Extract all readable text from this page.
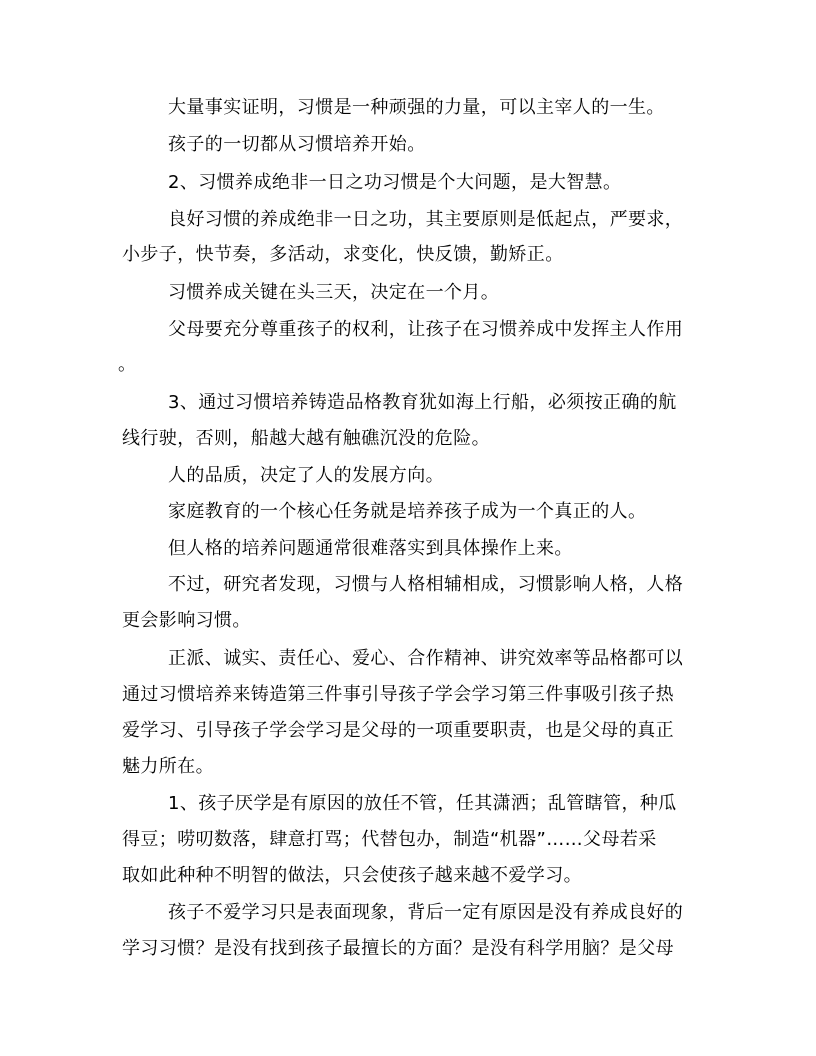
大量事实证明，习惯是一种顽强的力量，可以主宰人的一生。
孩子的一切都从习惯培养开始。
2、习惯养成绝非一日之功习惯是个大问题，是大智慧。
良好习惯的养成绝非一日之功，其主要原则是低起点，严要求，
小步子，快节奏，多活动，求变化，快反馈，勤矫正。
习惯养成关键在头三天，决定在一个月。
父母要充分尊重孩子的权利，让孩子在习惯养成中发挥主人作用
。
3、通过习惯培养铸造品格教育犹如海上行船，必须按正确的航
线行驶，否则，船越大越有触礁沉没的危险。
人的品质，决定了人的发展方向。
家庭教育的一个核心任务就是培养孩子成为一个真正的人。
但人格的培养问题通常很难落实到具体操作上来。
不过，研究者发现，习惯与人格相辅相成，习惯影响人格，人格
更会影响习惯。
正派、诚实、责任心、爱心、合作精神、讲究效率等品格都可以
通过习惯培养来铸造第三件事引导孩子学会学习第三件事吸引孩子热
爱学习、引导孩子学会学习是父母的一项重要职责，也是父母的真正
魅力所在。
1、孩子厌学是有原因的放任不管，任其潇洒；乱管瞎管，种瓜
得豆；唠叨数落，肆意打骂；代替包办，制造“机器”……父母若采
取如此种种不明智的做法，只会使孩子越来越不爱学习。
孩子不爱学习只是表面现象，背后一定有原因是没有养成良好的
学习习惯？是没有找到孩子最擅长的方面？是没有科学用脑？是父母
